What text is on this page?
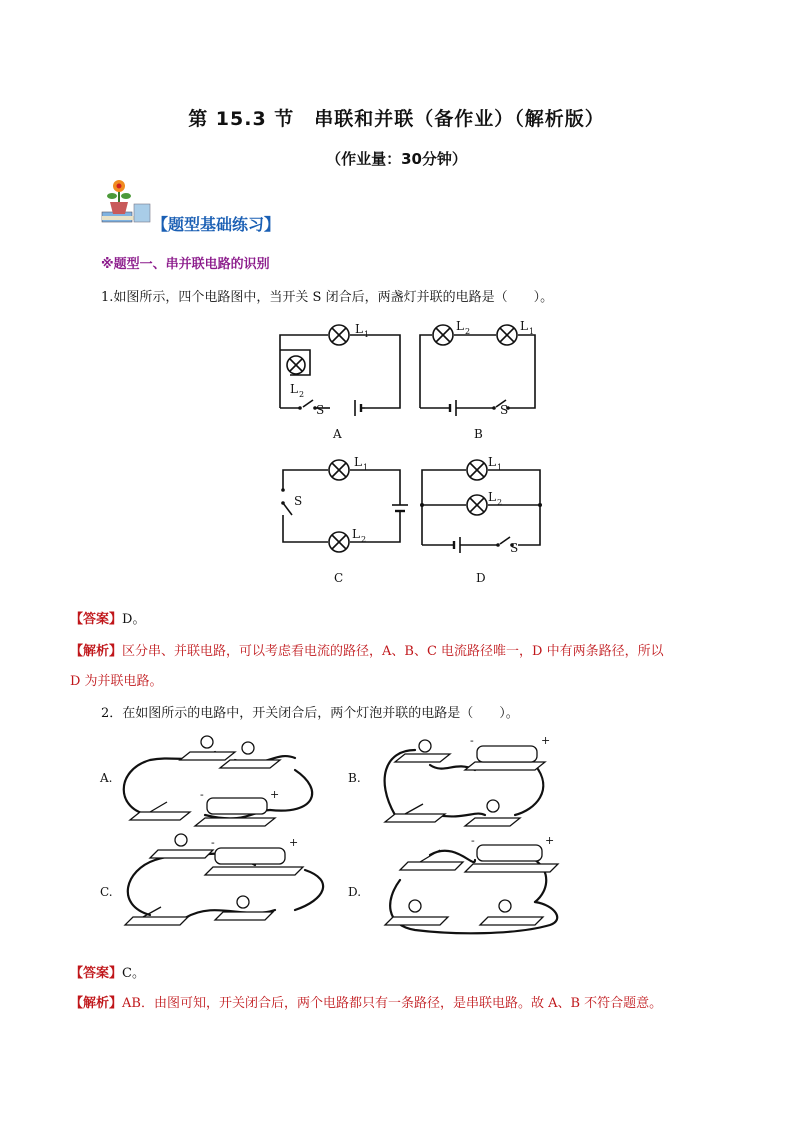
第 15.3 节　串联和并联（备作业）（解析版）
（作业量：30分钟）
【题型基础练习】
※题型一、串并联电路的识别
1.如图所示，四个电路图中，当开关 S 闭合后，两盏灯并联的电路是（　　）。
L 1
L 2
S
L 2	L 1
S
L 1
S
L 2
L 1
L 2
S
A	B
C	D
【答案】D。
【解析】区分串、并联电路，可以考虑看电流的路径，A、B、C 电流路径唯一，D 中有两条路径，所以
D 为并联电路。
2．在如图所示的电路中，开关闭合后，两个灯泡并联的电路是（　　）。
-	+
-	+
-	+	-	+
A.	B.
C.	D.
【答案】C。
【解析】AB．由图可知，开关闭合后，两个电路都只有一条路径，是串联电路。故 A、B 不符合题意。
